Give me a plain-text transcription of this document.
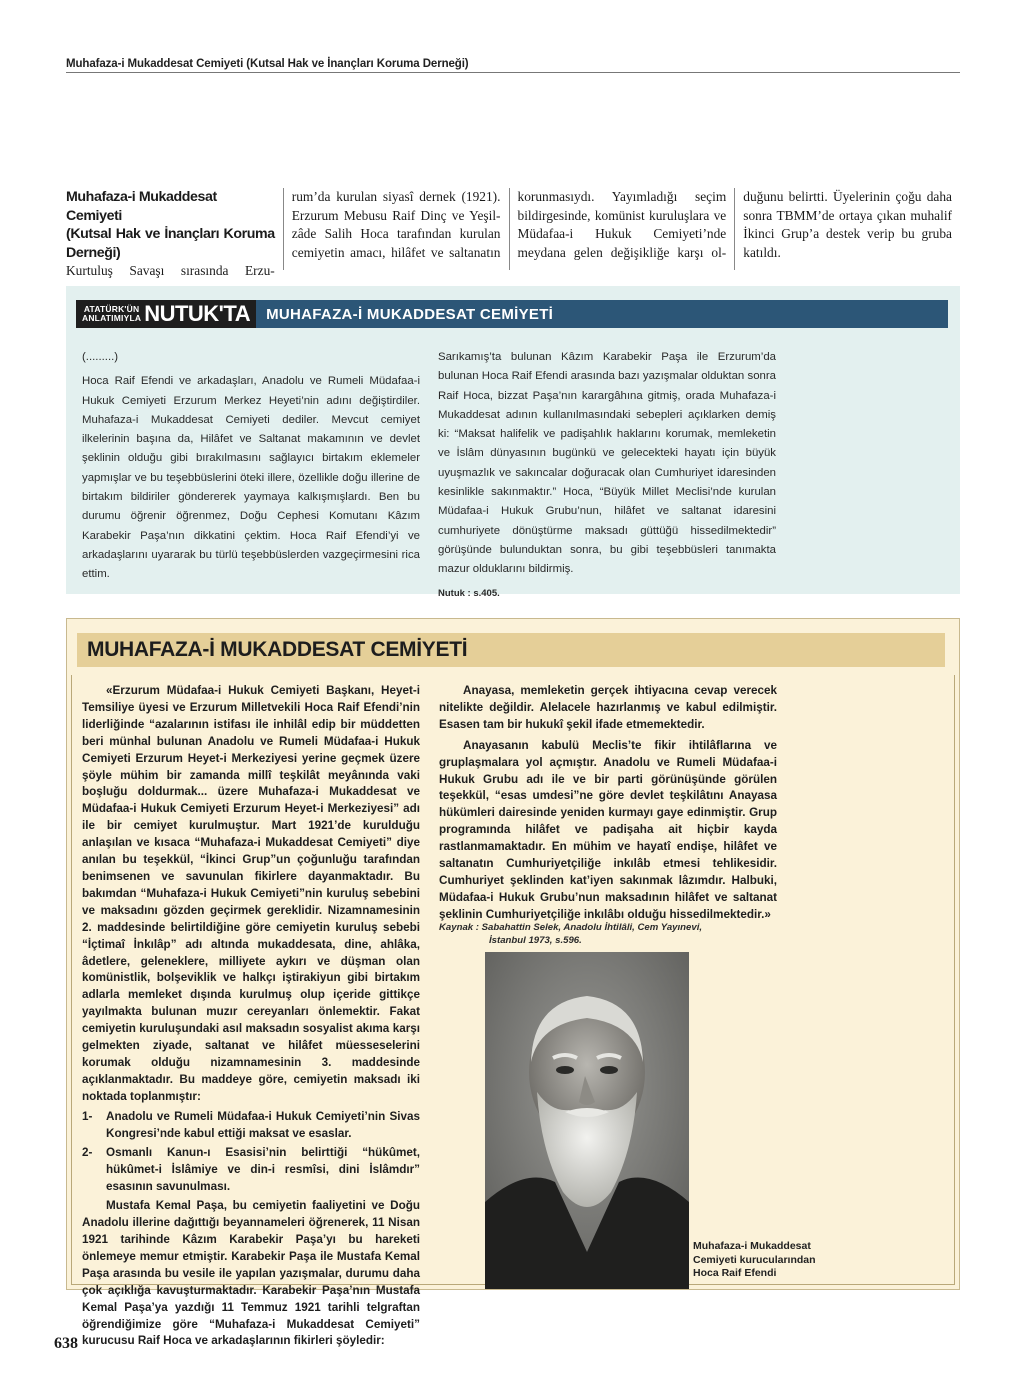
Muhafaza-i Mukaddesat Cemiyeti (Kutsal Hak ve İnançları Koruma Derneği)
Muhafaza-i Mukaddesat Cemiyeti
(Kutsal Hak ve İnançları Koruma
Derneği)

Kurtuluş Savaşı sırasında Erzu-

rum’da kurulan siyasî dernek (1921). Erzurum Mebusu Raif Dinç ve Yeşil-zâde Salih Hoca tarafından kurulan cemiyetin amacı, hilâfet ve saltanatın

korunmasıydı. Yayımladığı seçim bildirgesinde, komünist kuruluşlara ve Müdafaa-i Hukuk Cemiyeti’nde meydana gelen değişikliğe karşı ol-

duğunu belirtti. Üyelerinin çoğu daha sonra TBMM’de ortaya çıkan muhalif İkinci Grup’a destek verip bu gruba katıldı.

ATATÜRK'ÜN
ANLATIMIYLA NUTUK'TA MUHAFAZA-İ MUKADDESAT CEMİYETİ

(.........)

Hoca Raif Efendi ve arkadaşları, Anadolu ve Rumeli Müdafaa-i Hukuk Cemiyeti Erzurum Merkez Heyeti’nin adını değiştirdiler. Muhafaza-i Mukaddesat Cemiyeti dediler. Mevcut cemiyet ilkelerinin başına da, Hilâfet ve Saltanat makamının ve devlet şeklinin olduğu gibi bırakılmasını sağlayıcı birtakım eklemeler yapmışlar ve bu teşebbüslerini öteki illere, özellikle doğu illerine de birtakım bildiriler göndererek yaymaya kalkışmışlardı. Ben bu durumu öğrenir öğrenmez, Doğu Cephesi Komutanı Kâzım Karabekir Paşa’nın dikkatini çektim. Hoca Raif Efendi’yi ve arkadaşlarını uyararak bu türlü teşebbüslerden vazgeçirmesini rica ettim.

Sarıkamış’ta bulunan Kâzım Karabekir Paşa ile Erzurum’da bulunan Hoca Raif Efendi arasında bazı yazışmalar olduktan sonra Raif Hoca, bizzat Paşa’nın karargâhına gitmiş, orada Muhafaza-i Mukaddesat adının kullanılmasındaki sebepleri açıklarken demiş ki: “Maksat halifelik ve padişahlık haklarını korumak, memleketin ve İslâm dünyasının bugünkü ve gelecekteki hayatı için büyük uyuşmazlık ve sakıncalar doğuracak olan Cumhuriyet idaresinden kesinlikle sakınmaktır.” Hoca, “Büyük Millet Meclisi’nde kurulan Müdafaa-i Hukuk Grubu’nun, hilâfet ve saltanat idaresini cumhuriyete dönüştürme maksadı güttüğü hissedilmektedir” görüşünde bulunduktan sonra, bu gibi teşebbüsleri tanımakta mazur olduklarını bildirmiş.

Nutuk : s.405.

MUHAFAZA-İ MUKADDESAT CEMİYETİ

«Erzurum Müdafaa-i Hukuk Cemiyeti Başkanı, Heyet-i Temsiliye üyesi ve Erzurum Milletvekili Hoca Raif Efendi’nin liderliğinde “azalarının istifası ile inhilâl edip bir müddetten beri münhal bulunan Anadolu ve Rumeli Müdafaa-i Hukuk Cemiyeti Erzurum Heyet-i Merkeziyesi yerine geçmek üzere şöyle mühim bir zamanda millî teşkilât meyânında vaki boşluğu doldurmak... üzere Muhafaza-i Mukaddesat ve Müdafaa-i Hukuk Cemiyeti Erzurum Heyet-i Merkeziyesi” adı ile bir cemiyet kurulmuştur. Mart 1921’de kurulduğu anlaşılan ve kısaca “Muhafaza-i Mukaddesat Cemiyeti” diye anılan bu teşekkül, “İkinci Grup”un çoğunluğu tarafından benimsenen ve savunulan fikirlere dayanmaktadır. Bu bakımdan “Muhafaza-i Hukuk Cemiyeti”nin kuruluş sebebini ve maksadını gözden geçirmek gereklidir. Nizamnamesinin 2. maddesinde belirtildiğine göre cemiyetin kuruluş sebebi “İçtimaî İnkılâp” adı altında mukaddesata, dine, ahlâka, âdetlere, geleneklere, milliyete aykırı ve düşman olan komünistlik, bolşeviklik ve halkçı iştirakiyun gibi birtakım adlarla memleket dışında kurulmuş olup içeride gittikçe yayılmakta bulunan muzır cereyanları önlemektir. Fakat cemiyetin kuruluşundaki asıl maksadın sosyalist akıma karşı gelmekten ziyade, saltanat ve hilâfet müesseselerini korumak olduğu nizamnamesinin 3. maddesinde açıklanmaktadır. Bu maddeye göre, cemiyetin maksadı iki noktada toplanmıştır:

1-	Anadolu ve Rumeli Müdafaa-i Hukuk Cemiyeti’nin Sivas Kongresi’nde kabul ettiği maksat ve esaslar.
2-	Osmanlı Kanun-ı Esasisi’nin belirttiği “hükûmet, hükûmet-i İslâmiye ve din-i resmîsi, dini İslâmdır” esasının savunulması.

Mustafa Kemal Paşa, bu cemiyetin faaliyetini ve Doğu Anadolu illerine dağıttığı beyannameleri öğrenerek, 11 Nisan 1921 tarihinde Kâzım Karabekir Paşa’yı bu hareketi önlemeye memur etmiştir. Karabekir Paşa ile Mustafa Kemal Paşa arasında bu vesile ile yapılan yazışmalar, durumu daha çok açıklığa kavuşturmaktadır. Karabekir Paşa’nın Mustafa Kemal Paşa’ya yazdığı 11 Temmuz 1921 tarihli telgraftan öğrendiğimize göre “Muhafaza-i Mukaddesat Cemiyeti” kurucusu Raif Hoca ve arkadaşlarının fikirleri şöyledir:

Anayasa, memleketin gerçek ihtiyacına cevap verecek nitelikte değildir. Alelacele hazırlanmış ve kabul edilmiştir. Esasen tam bir hukukî şekil ifade etmemektedir.

Anayasanın kabulü Meclis’te fikir ihtilâflarına ve gruplaşmalara yol açmıştır. Anadolu ve Rumeli Müdafaa-i Hukuk Grubu adı ile ve bir parti görünüşünde görülen teşekkül, “esas umdesi”ne göre devlet teşkilâtını Anayasa hükümleri dairesinde yeniden kurmayı gaye edinmiştir. Grup programında hilâfet ve padişaha ait hiçbir kayda rastlanmamaktadır. En mühim ve hayatî endişe, hilâfet ve saltanatın Cumhuriyetçiliğe inkılâb etmesi tehlikesidir. Cumhuriyet şeklinden kat’iyen sakınmak lâzımdır. Halbuki, Müdafaa-i Hukuk Grubu’nun maksadının hilâfet ve saltanat şeklinin Cumhuriyetçiliğe inkılâbı olduğu hissedilmektedir.»

Kaynak : Sabahattin Selek, Anadolu İhtilâli, Cem Yayınevi,
İstanbul 1973, s.596.
Muhafaza-i Mukaddesat Cemiyeti kurucularından Hoca Raif Efendi
638
